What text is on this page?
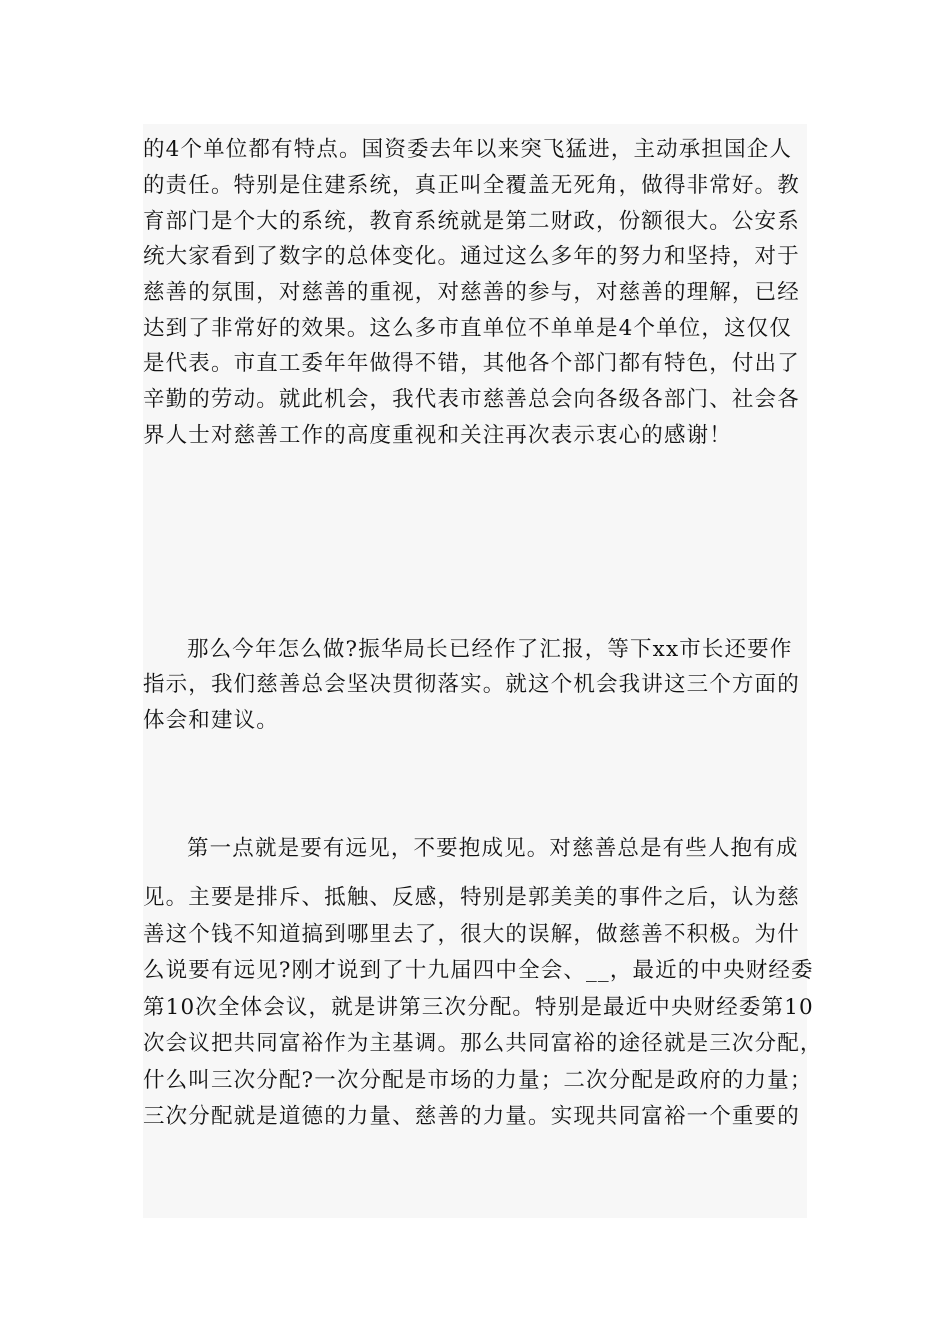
的4个单位都有特点。国资委去年以来突飞猛进，主动承担国企人
的责任。特别是住建系统，真正叫全覆盖无死角，做得非常好。教
育部门是个大的系统，教育系统就是第二财政，份额很大。公安系
统大家看到了数字的总体变化。通过这么多年的努力和坚持，对于
慈善的氛围，对慈善的重视，对慈善的参与，对慈善的理解，已经
达到了非常好的效果。这么多市直单位不单单是4个单位，这仅仅
是代表。市直工委年年做得不错，其他各个部门都有特色，付出了
辛勤的劳动。就此机会，我代表市慈善总会向各级各部门、社会各
界人士对慈善工作的高度重视和关注再次表示衷心的感谢！
那么今年怎么做?振华局长已经作了汇报，等下xx市长还要作
指示，我们慈善总会坚决贯彻落实。就这个机会我讲这三个方面的
体会和建议。
第一点就是要有远见，不要抱成见。对慈善总是有些人抱有成
见。主要是排斥、抵触、反感，特别是郭美美的事件之后，认为慈
善这个钱不知道搞到哪里去了，很大的误解，做慈善不积极。为什
么说要有远见?刚才说到了十九届四中全会、__，最近的中央财经委
第10次全体会议，就是讲第三次分配。特别是最近中央财经委第10
次会议把共同富裕作为主基调。那么共同富裕的途径就是三次分配，
什么叫三次分配?一次分配是市场的力量；二次分配是政府的力量；
三次分配就是道德的力量、慈善的力量。实现共同富裕一个重要的
